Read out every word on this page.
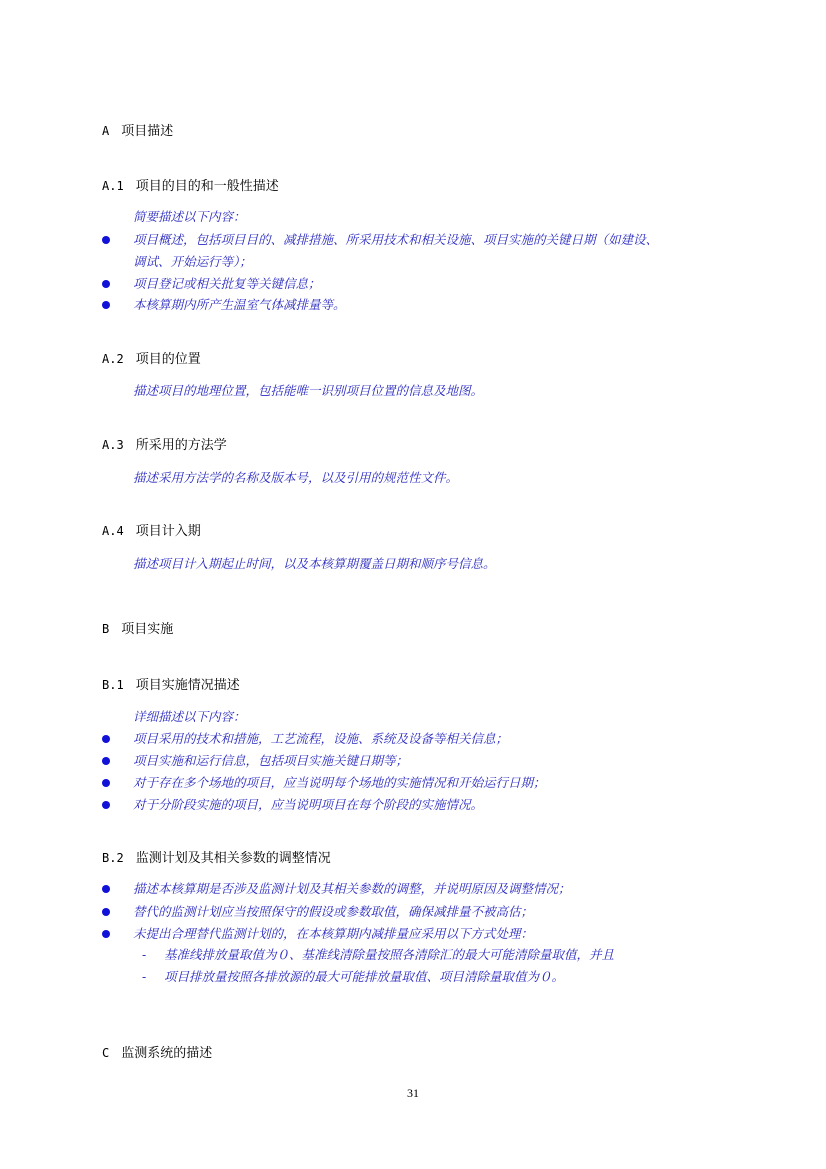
A 项目描述
A.1 项目的目的和一般性描述
简要描述以下内容：
项目概述，包括项目目的、减排措施、所采用技术和相关设施、项目实施的关键日期（如建设、
调试、开始运行等）；
项目登记或相关批复等关键信息；
本核算期内所产生温室气体减排量等。
A.2 项目的位置
描述项目的地理位置，包括能唯一识别项目位置的信息及地图。
A.3 所采用的方法学
描述采用方法学的名称及版本号，以及引用的规范性文件。
A.4 项目计入期
描述项目计入期起止时间，以及本核算期覆盖日期和顺序号信息。
B 项目实施
B.1 项目实施情况描述
详细描述以下内容：
项目采用的技术和措施，工艺流程，设施、系统及设备等相关信息；
项目实施和运行信息，包括项目实施关键日期等；
对于存在多个场地的项目，应当说明每个场地的实施情况和开始运行日期；
对于分阶段实施的项目，应当说明项目在每个阶段的实施情况。
B.2 监测计划及其相关参数的调整情况
描述本核算期是否涉及监测计划及其相关参数的调整，并说明原因及调整情况；
替代的监测计划应当按照保守的假设或参数取值，确保减排量不被高估；
未提出合理替代监测计划的，在本核算期内减排量应采用以下方式处理：
- 基准线排放量取值为０、基准线清除量按照各清除汇的最大可能清除量取值，并且
- 项目排放量按照各排放源的最大可能排放量取值、项目清除量取值为０。
C 监测系统的描述
31
